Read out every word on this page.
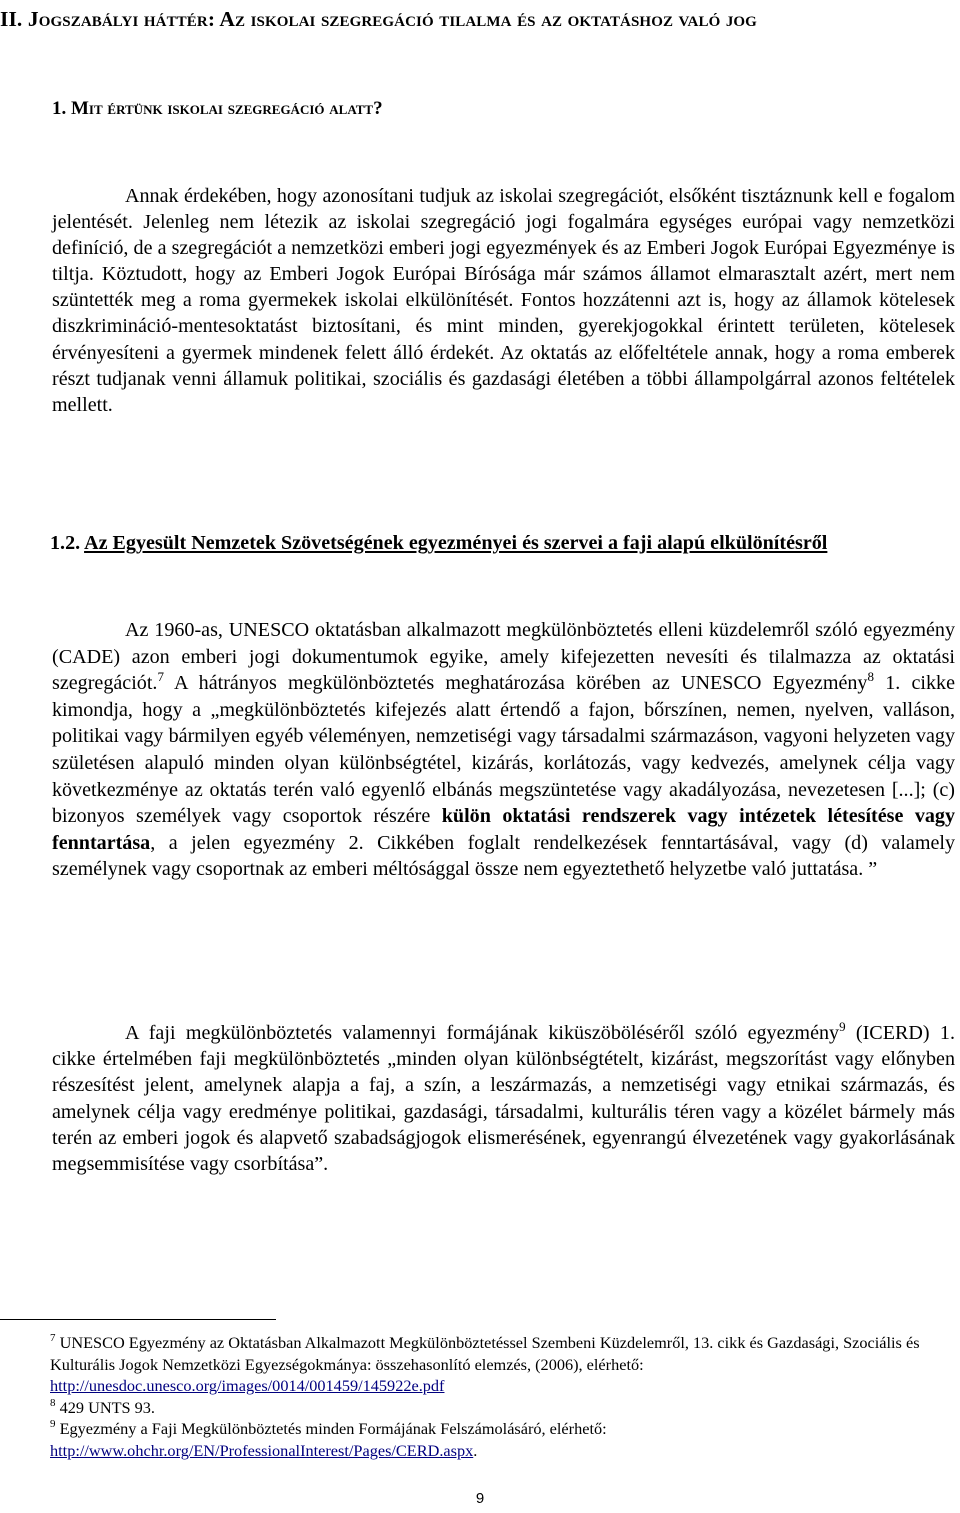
II. Jogszabályi háttér: Az iskolai szegregáció tilalma és az oktatáshoz való jog
1. Mit értünk iskolai szegregáció alatt?

Annak érdekében, hogy azonosítani tudjuk az iskolai szegregációt, elsőként tisztáznunk kell e fogalom jelentését. Jelenleg nem létezik az iskolai szegregáció jogi fogalmára egységes európai vagy nemzetközi definíció, de a szegregációt a nemzetközi emberi jogi egyezmények és az Emberi Jogok Európai Egyezménye is tiltja. Köztudott, hogy az Emberi Jogok Európai Bírósága már számos államot elmarasztalt azért, mert nem szüntették meg a roma gyermekek iskolai elkülönítését. Fontos hozzátenni azt is, hogy az államok kötelesek diszkrimináció-mentesoktatást biztosítani, és mint minden, gyerekjogokkal érintett területen, kötelesek érvényesíteni a gyermek mindenek felett álló érdekét. Az oktatás az előfeltétele annak, hogy a roma emberek részt tudjanak venni államuk politikai, szociális és gazdasági életében a többi állampolgárral azonos feltételek mellett.

1.2. Az Egyesült Nemzetek Szövetségének egyezményei és szervei a faji alapú elkülönítésről

Az 1960-as, UNESCO oktatásban alkalmazott megkülönböztetés elleni küzdelemről szóló egyezmény (CADE) azon emberi jogi dokumentumok egyike, amely kifejezetten nevesíti és tilalmazza az oktatási szegregációt.$^7$ A hátrányos megkülönböztetés meghatározása körében az UNESCO Egyezmény$^8$ 1. cikke kimondja, hogy a „megkülönböztetés kifejezés alatt értendő a fajon, bőrszínen, nemen, nyelven, valláson, politikai vagy bármilyen egyéb véleményen, nemzetiségi vagy társadalmi származáson, vagyoni helyzeten vagy születésen alapuló minden olyan különbségtétel, kizárás, korlátozás, vagy kedvezés, amelynek célja vagy következménye az oktatás terén való egyenlő elbánás megszüntetése vagy akadályozása, nevezetesen [...]; (c) bizonyos személyek vagy csoportok részére külön oktatási rendszerek vagy intézetek létesítése vagy fenntartása, a jelen egyezmény 2. Cikkében foglalt rendelkezések fenntartásával, vagy (d) valamely személynek vagy csoportnak az emberi méltósággal össze nem egyeztethető helyzetbe való juttatása. ”

A faji megkülönböztetés valamennyi formájának kiküszöböléséről szóló egyezmény$^9$ (ICERD) 1. cikke értelmében faji megkülönböztetés „minden olyan különbségtételt, kizárást, megszorítást vagy előnyben részesítést jelent, amelynek alapja a faj, a szín, a leszármazás, a nemzetiségi vagy etnikai származás, és amelynek célja vagy eredménye politikai, gazdasági, társadalmi, kulturális téren vagy a közélet bármely más terén az emberi jogok és alapvető szabadságjogok elismerésének, egyenrangú élvezetének vagy gyakorlásának megsemmisítése vagy csorbítása”.

$^7$ UNESCO Egyezmény az Oktatásban Alkalmazott Megkülönböztetéssel Szembeni Küzdelemről, 13. cikk és Gazdasági, Szociális és Kulturális Jogok Nemzetközi Egyezségokmánya: összehasonlító elemzés, (2006), elérhető: http://unesdoc.unesco.org/images/0014/001459/145922e.pdf

$^8$ 429 UNTS 93.

$^9$ Egyezmény a Faji Megkülönböztetés minden Formájának Felszámolásáró, elérhető: http://www.ohchr.org/EN/ProfessionalInterest/Pages/CERD.aspx.

9
